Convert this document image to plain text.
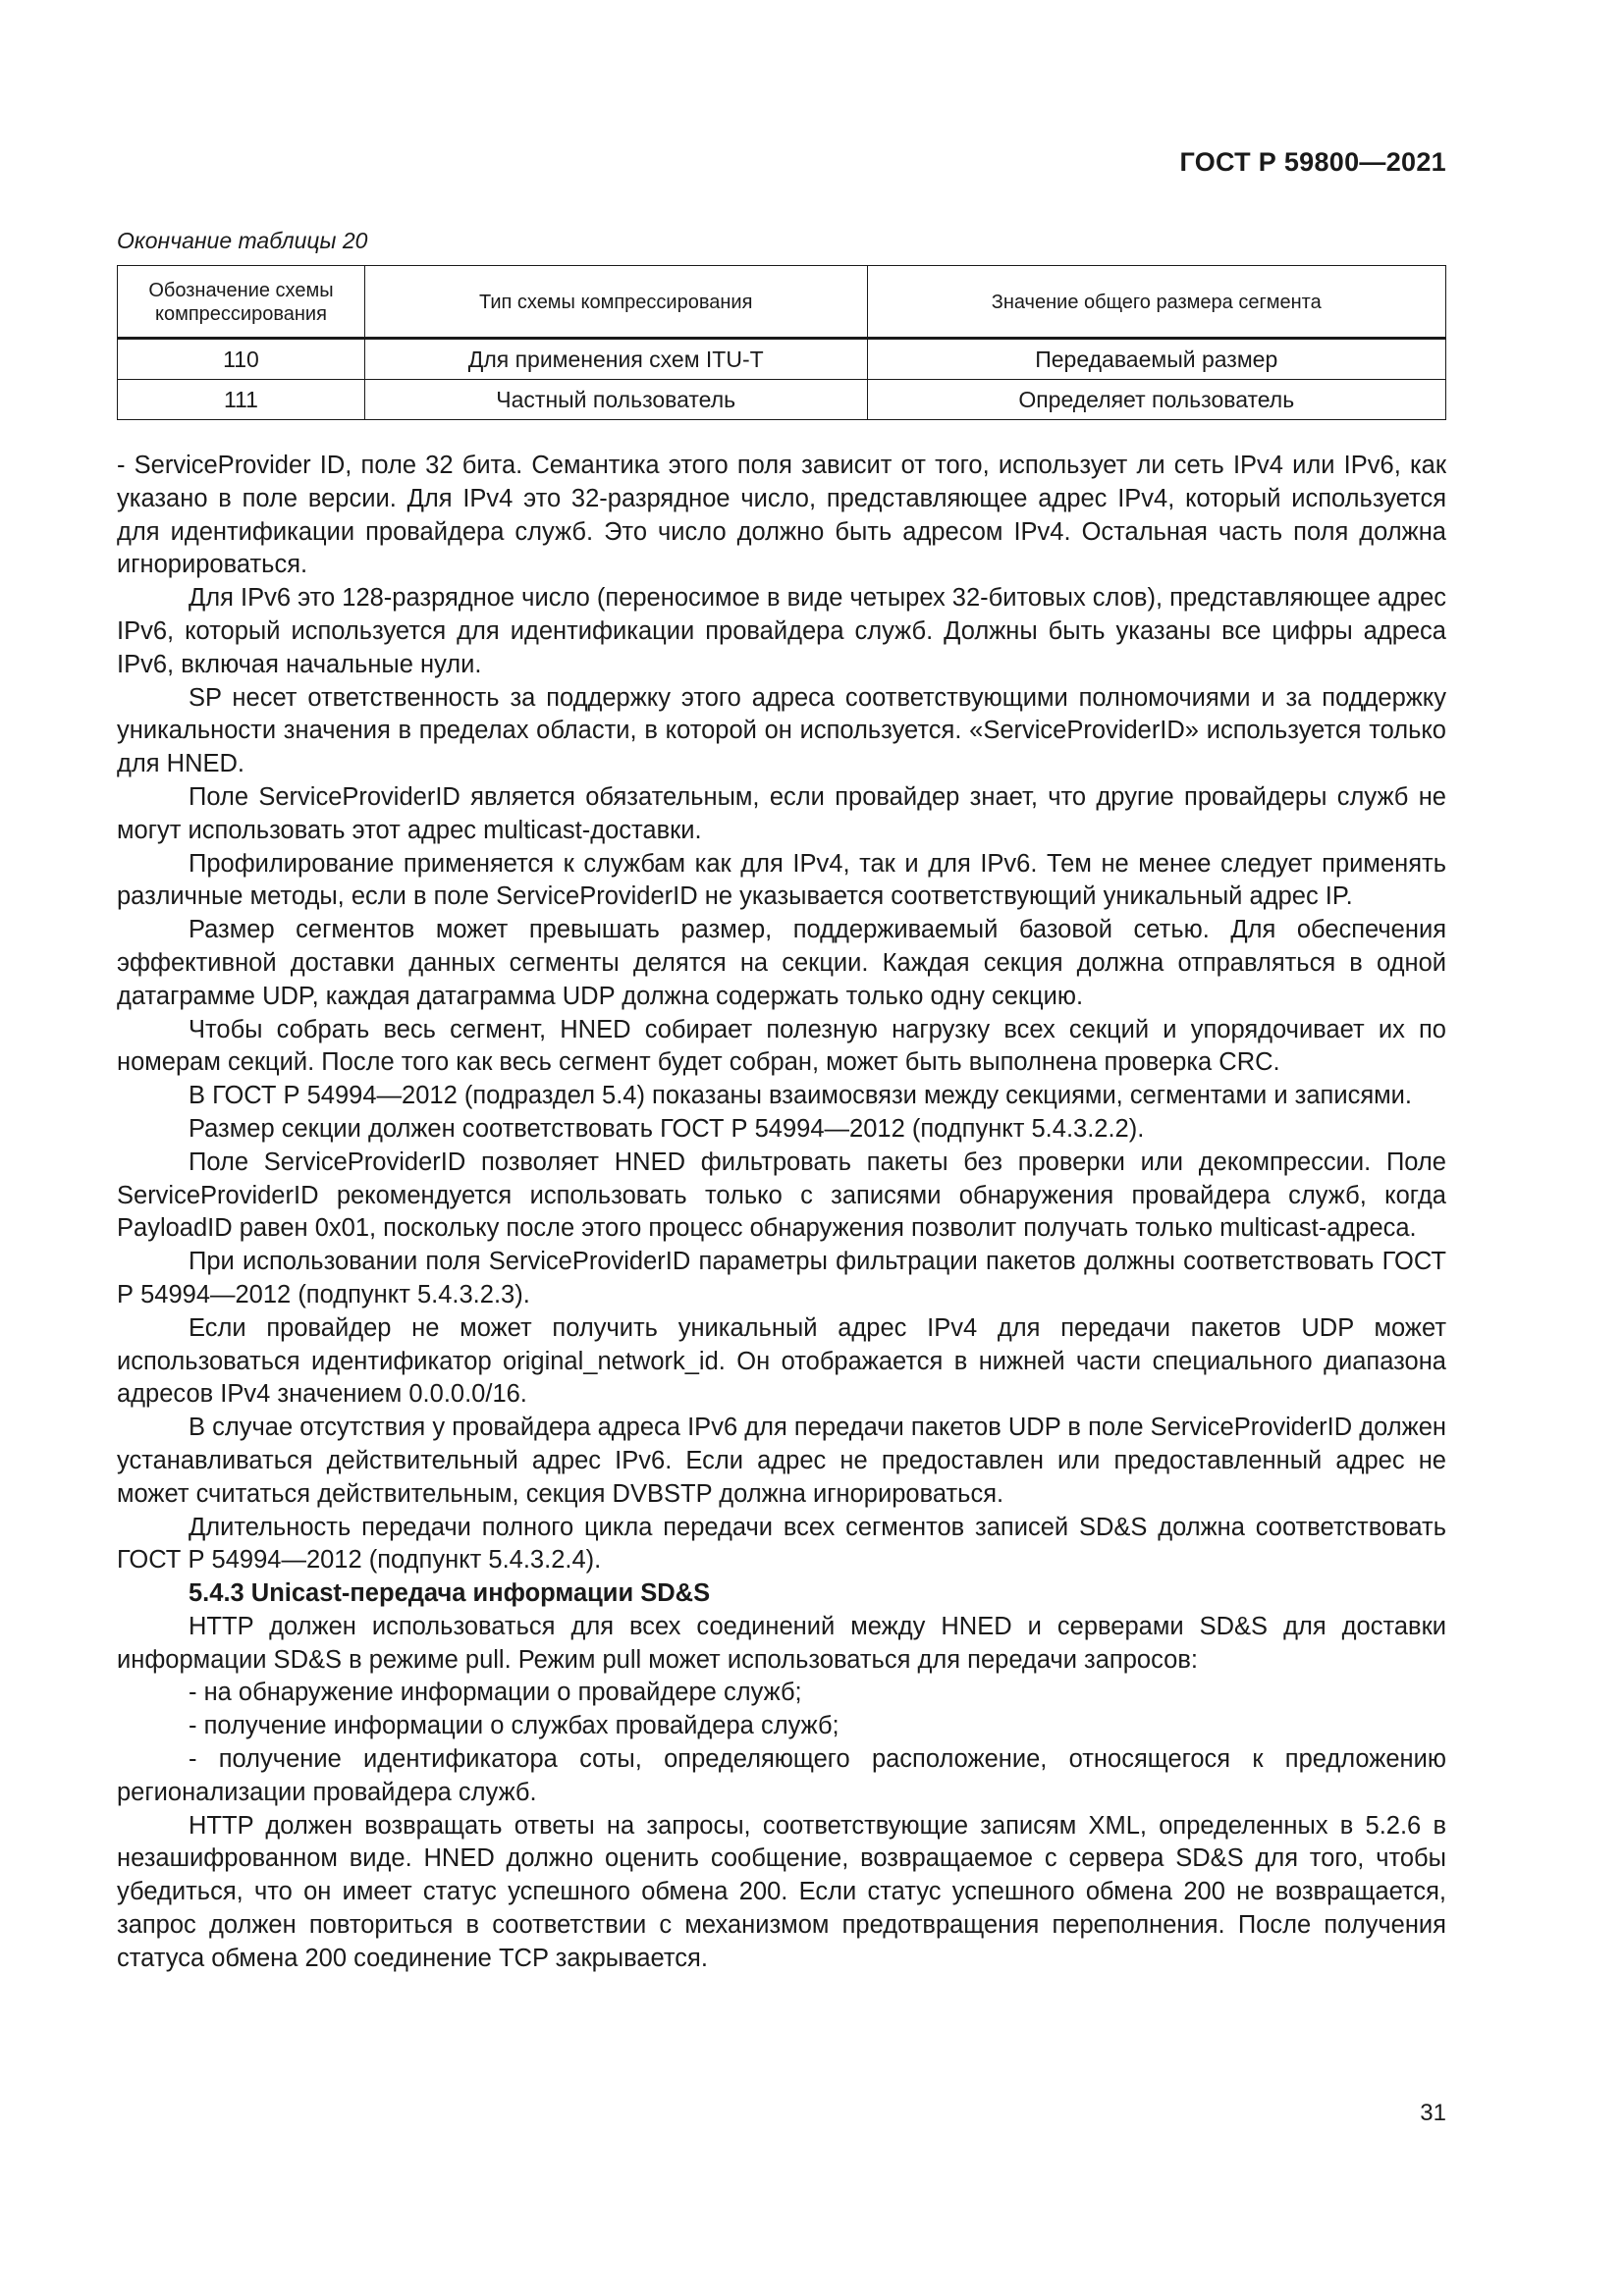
ГОСТ Р 59800—2021
Окончание таблицы 20
Обозначение схемы компрессирования	Тип схемы компрессирования	Значение общего размера сегмента
110	Для применения схем ITU-T	Передаваемый размер
111	Частный пользователь	Определяет пользователь

- ServiceProvider ID, поле 32 бита. Семантика этого поля зависит от того, использует ли сеть IPv4 или IPv6, как указано в поле версии. Для IPv4 это 32-разрядное число, представляющее адрес IPv4, который используется для идентификации провайдера служб. Это число должно быть адресом IPv4. Остальная часть поля должна игнорироваться.

Для IPv6 это 128-разрядное число (переносимое в виде четырех 32-битовых слов), представляющее адрес IPv6, который используется для идентификации провайдера служб. Должны быть указаны все цифры адреса IPv6, включая начальные нули.

SP несет ответственность за поддержку этого адреса соответствующими полномочиями и за поддержку уникальности значения в пределах области, в которой он используется. «ServiceProviderID» используется только для HNED.

Поле ServiceProviderID является обязательным, если провайдер знает, что другие провайдеры служб не могут использовать этот адрес multicast-доставки.

Профилирование применяется к службам как для IPv4, так и для IPv6. Тем не менее следует применять различные методы, если в поле ServiceProviderID не указывается соответствующий уникальный адрес IP.

Размер сегментов может превышать размер, поддерживаемый базовой сетью. Для обеспечения эффективной доставки данных сегменты делятся на секции. Каждая секция должна отправляться в одной датаграмме UDP, каждая датаграмма UDP должна содержать только одну секцию.

Чтобы собрать весь сегмент, HNED собирает полезную нагрузку всех секций и упорядочивает их по номерам секций. После того как весь сегмент будет собран, может быть выполнена проверка CRC.

В ГОСТ Р 54994—2012 (подраздел 5.4) показаны взаимосвязи между секциями, сегментами и записями.

Размер секции должен соответствовать ГОСТ Р 54994—2012 (подпункт 5.4.3.2.2).

Поле ServiceProviderID позволяет HNED фильтровать пакеты без проверки или декомпрессии. Поле ServiceProviderID рекомендуется использовать только с записями обнаружения провайдера служб, когда PayloadID равен 0x01, поскольку после этого процесс обнаружения позволит получать только multicast-адреса.

При использовании поля ServiceProviderID параметры фильтрации пакетов должны соответствовать ГОСТ Р 54994—2012 (подпункт 5.4.3.2.3).

Если провайдер не может получить уникальный адрес IPv4 для передачи пакетов UDP может использоваться идентификатор original_network_id. Он отображается в нижней части специального диапазона адресов IPv4 значением 0.0.0.0/16.

В случае отсутствия у провайдера адреса IPv6 для передачи пакетов UDP в поле ServiceProviderID должен устанавливаться действительный адрес IPv6. Если адрес не предоставлен или предоставленный адрес не может считаться действительным, секция DVBSTP должна игнорироваться.

Длительность передачи полного цикла передачи всех сегментов записей SD&S должна соответствовать ГОСТ Р 54994—2012 (подпункт 5.4.3.2.4).

5.4.3 Unicast-передача информации SD&S

HTTP должен использоваться для всех соединений между HNED и серверами SD&S для доставки информации SD&S в режиме pull. Режим pull может использоваться для передачи запросов:

- на обнаружение информации о провайдере служб;

- получение информации о службах провайдера служб;

- получение идентификатора соты, определяющего расположение, относящегося к предложению регионализации провайдера служб.

HTTP должен возвращать ответы на запросы, соответствующие записям XML, определенных в 5.2.6 в незашифрованном виде. HNED должно оценить сообщение, возвращаемое с сервера SD&S для того, чтобы убедиться, что он имеет статус успешного обмена 200. Если статус успешного обмена 200 не возвращается, запрос должен повториться в соответствии с механизмом предотвращения переполнения. После получения статуса обмена 200 соединение TCP закрывается.

31
